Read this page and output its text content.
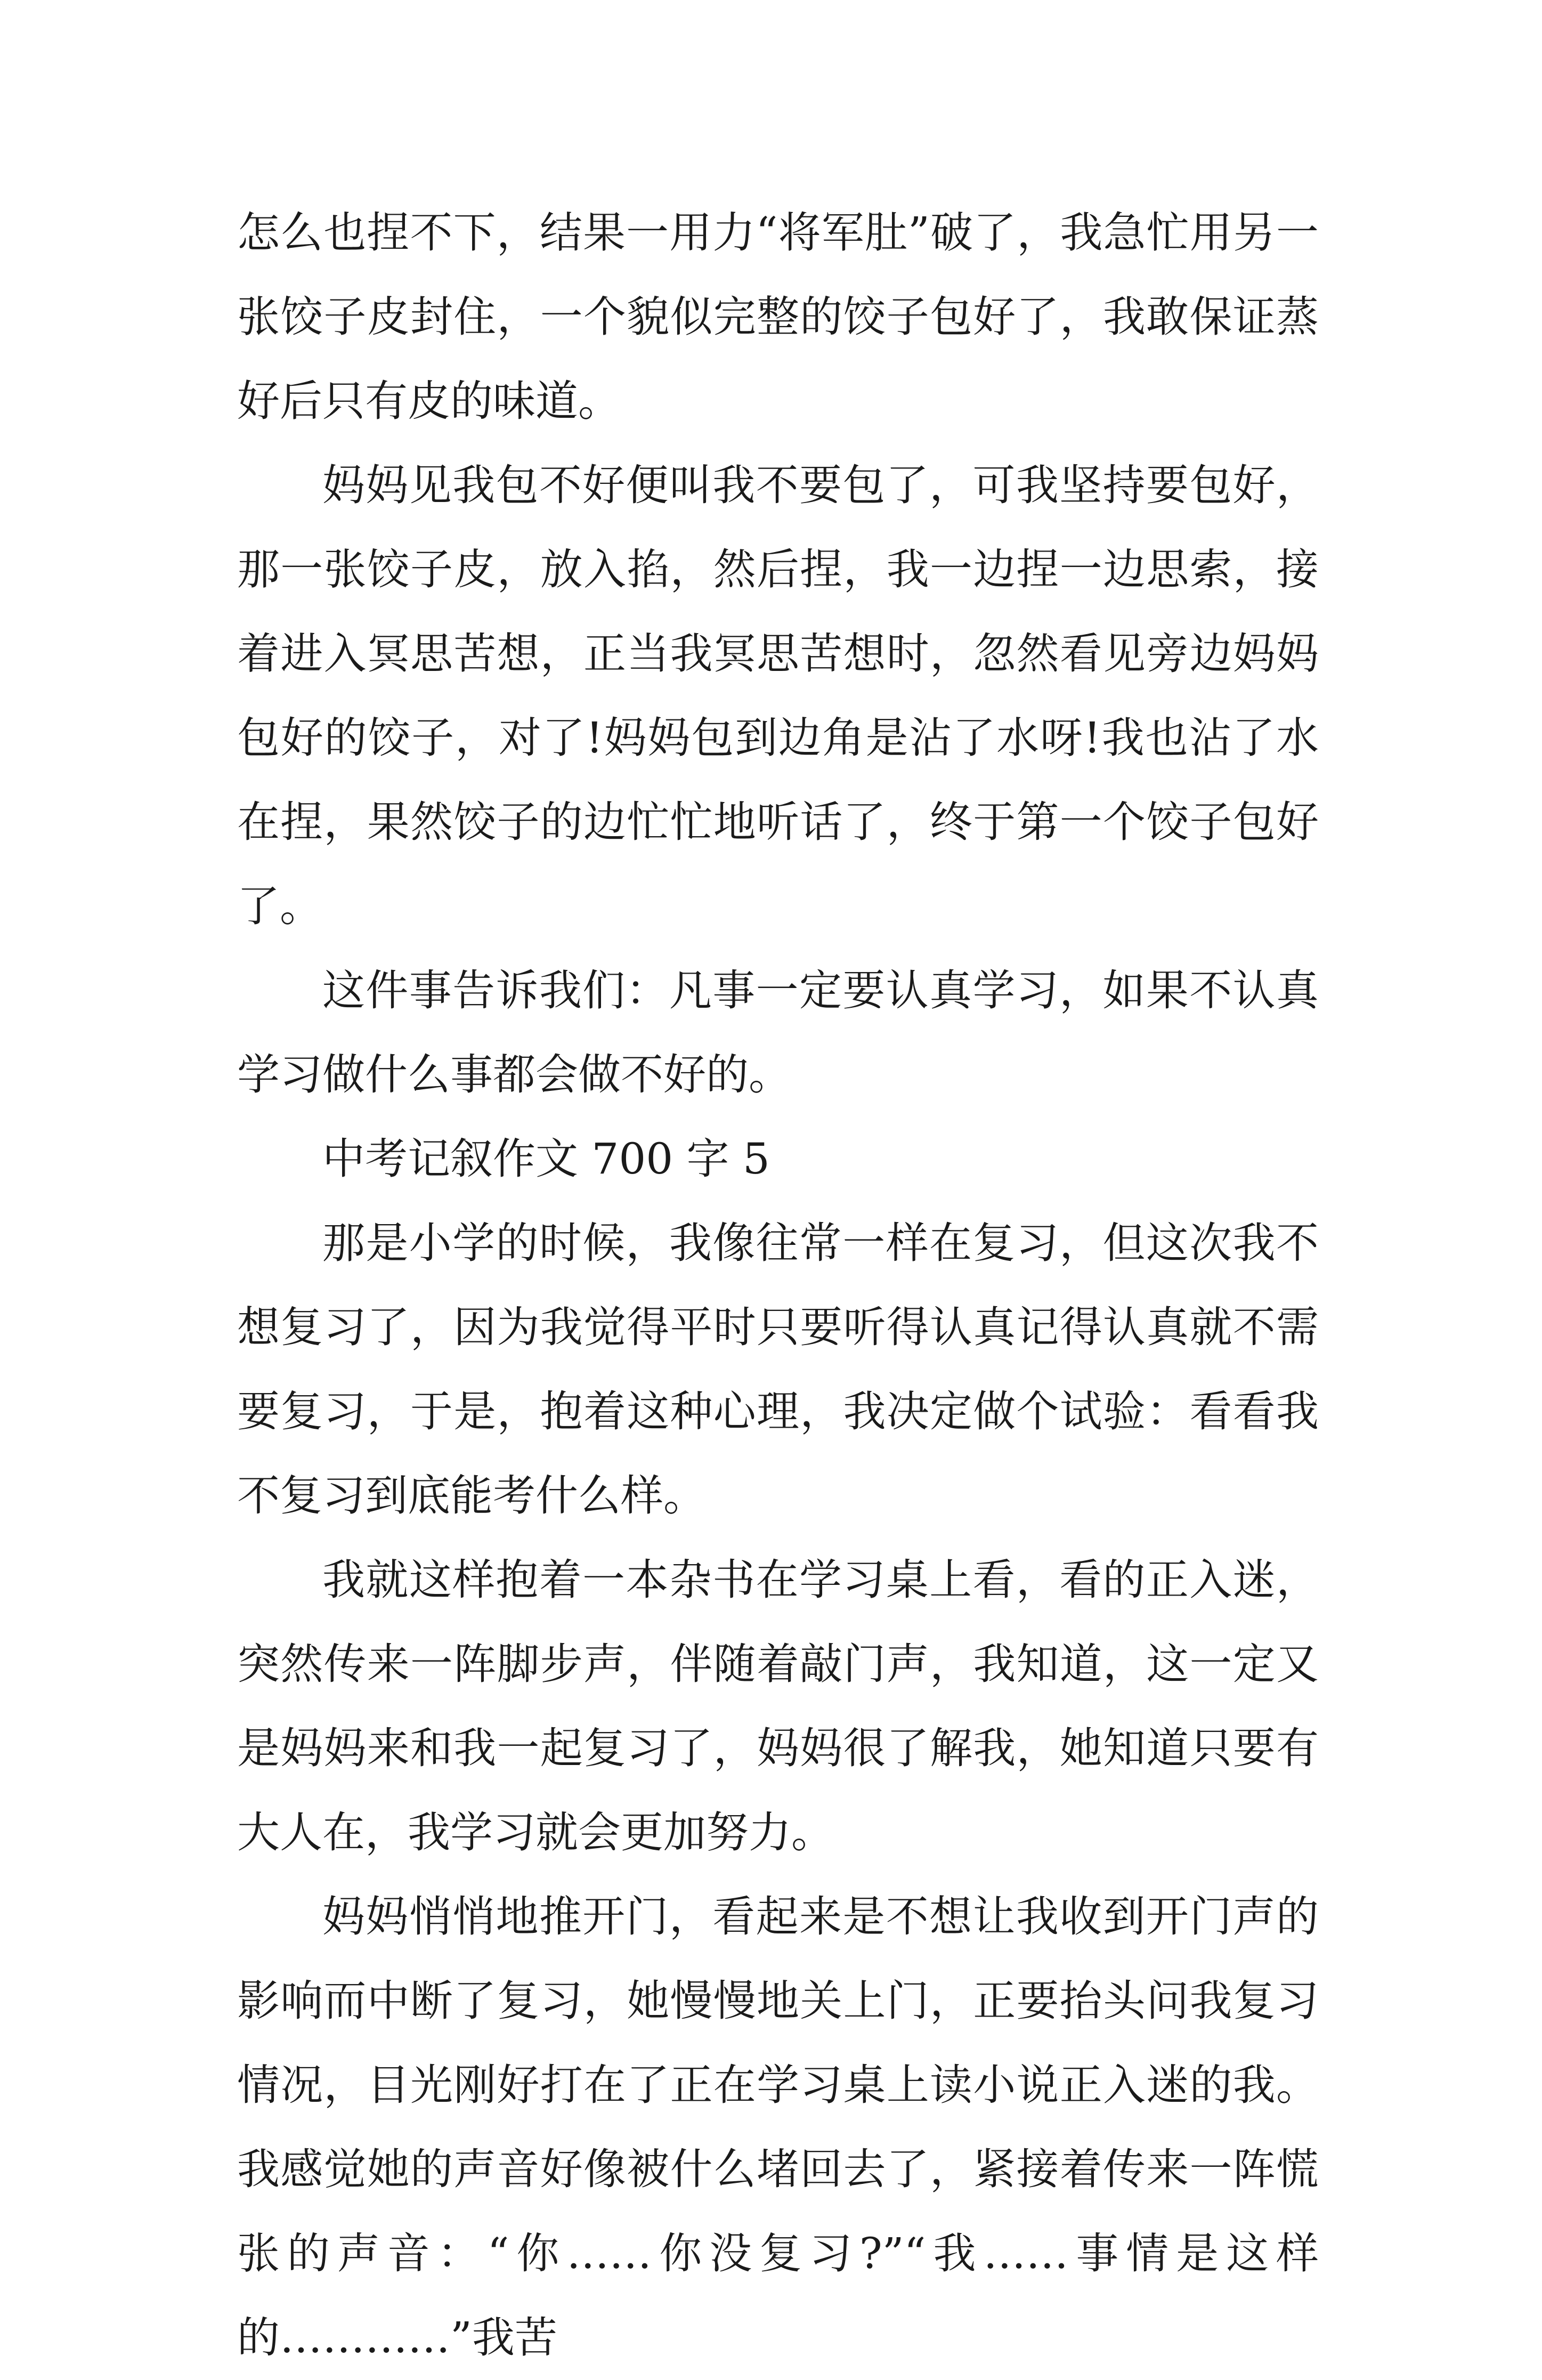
怎么也捏不下，结果一用力“将军肚”破了，我急忙用另一张饺子皮封住，一个貌似完整的饺子包好了，我敢保证蒸好后只有皮的味道。

妈妈见我包不好便叫我不要包了，可我坚持要包好，那一张饺子皮，放入掐，然后捏，我一边捏一边思索，接着进入冥思苦想，正当我冥思苦想时，忽然看见旁边妈妈包好的饺子，对了!妈妈包到边角是沾了水呀!我也沾了水在捏，果然饺子的边忙忙地听话了，终于第一个饺子包好了。

这件事告诉我们：凡事一定要认真学习，如果不认真学习做什么事都会做不好的。

中考记叙作文 700 字 5

那是小学的时候，我像往常一样在复习，但这次我不想复习了，因为我觉得平时只要听得认真记得认真就不需要复习，于是，抱着这种心理，我决定做个试验：看看我不复习到底能考什么样。

我就这样抱着一本杂书在学习桌上看，看的正入迷，突然传来一阵脚步声，伴随着敲门声，我知道，这一定又是妈妈来和我一起复习了，妈妈很了解我，她知道只要有大人在，我学习就会更加努力。

妈妈悄悄地推开门，看起来是不想让我收到开门声的影响而中断了复习，她慢慢地关上门，正要抬头问我复习情况，目光刚好打在了正在学习桌上读小说正入迷的我。我感觉她的声音好像被什么堵回去了，紧接着传来一阵慌张的声音：“你……你没复习?”“我……事情是这样的…………”我苦
